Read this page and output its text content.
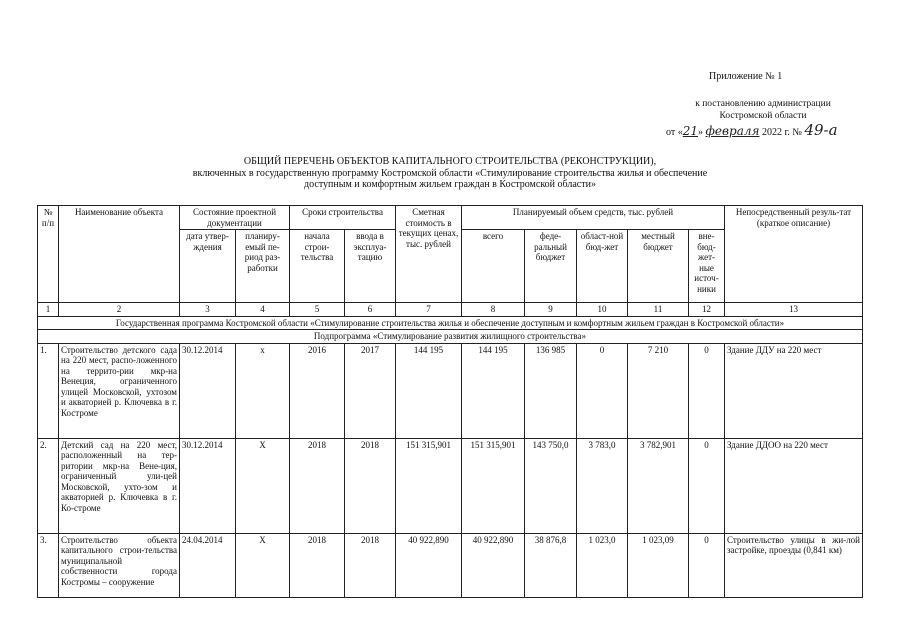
Приложение № 1
к постановлению администрации
Костромской области
от «21» февраля 2022 г. № 49-а
ОБЩИЙ ПЕРЕЧЕНЬ ОБЪЕКТОВ КАПИТАЛЬНОГО СТРОИТЕЛЬСТВА (РЕКОНСТРУКЦИИ),
включенных в государственную программу Костромской области «Стимулирование строительства жилья и обеспечение
доступным и комфортным жильем граждан в Костромской области»
№ п/п	Наименование объекта	Состояние проектной документации		Сроки строительства		Сметная стоимость в текущих ценах, тыс. рублей	Планируемый объем средств, тыс. рублей					Непосредственный резуль-тат (краткое описание)
		дата утвер-ждения	планиру-емый пе-риод раз-работки	начала строи-тельства	ввода в эксплуа-тацию		всего	феде-ральный бюджет	област-ной бюд-жет	местный бюджет	вне-бюд-жет-ные источ-ники	
1	2	3	4	5	6	7	8	9	10	11	12	13
Государственная программа Костромской области «Стимулирование строительства жилья и обеспечение доступным и комфортным жильем граждан в Костромской области»												
Подпрограмма «Стимулирование развития жилищного строительства»												
1.	Строительство детского сада на 220 мест, распо-ложенного на террито-рии мкр-на Венеция, ограниченного улицей Московской, ухтозом и акваторией р. Ключевка в г. Костроме	30.12.2014	x	2016	2017	144 195	144 195	136 985	0	7 210	0	Здание ДДУ на 220 мест
2.	Детский сад на 220 мест, расположенный на тер-ритории мкр-на Вене-ция, ограниченный ули-цей Московской, ухто-зом и акваторией р. Ключевка в г. Ко-строме	30.12.2014	X	2018	2018	151 315,901	151 315,901	143 750,0	3 783,0	3 782,901	0	Здание ДДОО на 220 мест
3.	Строительство объекта капитального строи-тельства муниципальной собственности города Костромы – сооружение	24.04.2014	X	2018	2018	40 922,890	40 922,890	38 876,8	1 023,0	1 023,09	0	Строительство улицы в жи-лой застройке, проезды (0,841 км)
